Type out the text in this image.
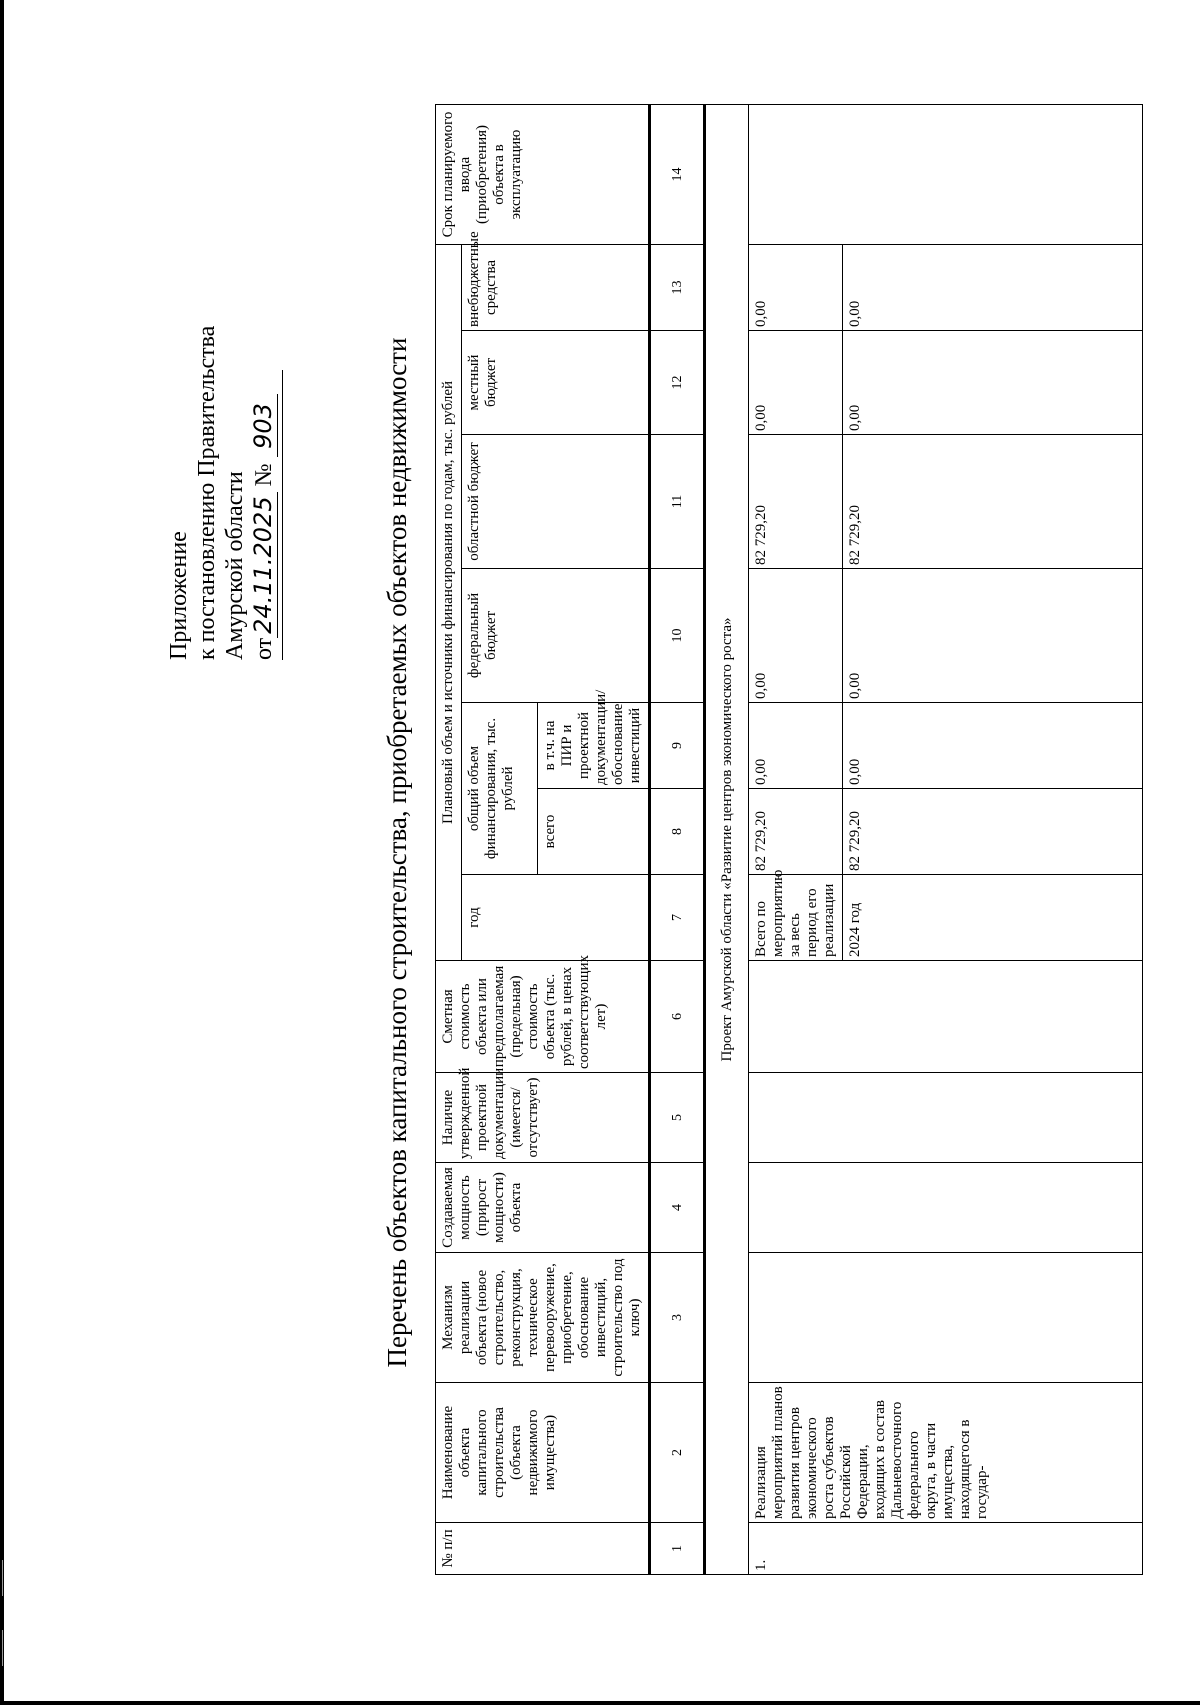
Приложение к постановлению Правительства Амурской области от24.11.2025 № 903	Перечень объектов капитального строительства, приобретаемых объектов недвижимости
№ п/п	Наименование объекта капитального строительства (объекта недвижимого имущества)	Механизм реализации объекта (новое строительство, реконструкция, техническое перевооружение, приобретение, обоснование инвестиций, строительство под ключ)	Создаваемая мощность (прирост мощности) объекта	Наличие утвержденной проектной документации (имеется/ отсутствует)	Сметная стоимость объекта или предполагаемая (предельная) стоимость объекта (тыс. рублей, в ценах соответствующих лет)	Плановый объем и источники финансирования по годам, тыс. рублей							Срок планируемого ввода (приобретения) объекта в эксплуатацию
						год	общий объем финансирования, тыс. рублей		федеральный бюджет	областной бюджет	местный бюджет	внебюджетные средства	
							всего	в т.ч. на ПИР и проектной документации/ обоснование инвестиций					
1	2	3	4	5	6	7	8	9	10	11	12	13	14
Проект Амурской области «Развитие центров экономического роста»													
1.	Реализация мероприятий планов развития центров экономического роста субъектов Российской Федерации, входящих в состав Дальневосточного федерального округа, в части имущества, находящегося в государ-					Всего по мероприятию за весь период его реализации	82 729,20	0,00	0,00	82 729,20	0,00	0,00	
						2024 год	82 729,20	0,00	0,00	82 729,20	0,00	0,00	
